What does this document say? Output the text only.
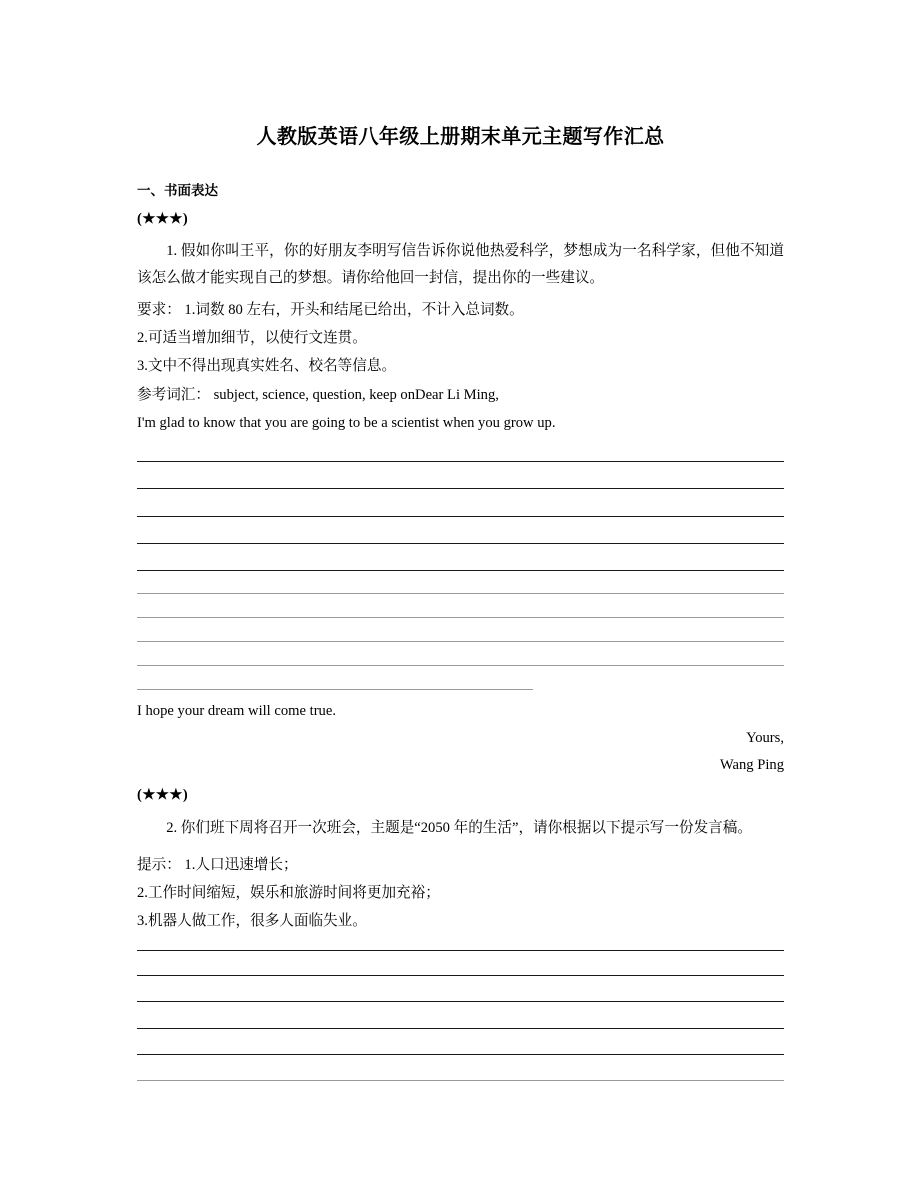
人教版英语八年级上册期末单元主题写作汇总
一、书面表达
(★★★)
1. 假如你叫王平，你的好朋友李明写信告诉你说他热爱科学，梦想成为一名科学家，但他不知道该怎么做才能实现自己的梦想。请你给他回一封信，提出你的一些建议。
要求： 1.词数 80 左右，开头和结尾已给出，不计入总词数。
2.可适当增加细节，以使行文连贯。
3.文中不得出现真实姓名、校名等信息。
参考词汇： subject, science, question, keep onDear Li Ming,
I'm glad to know that you are going to be a scientist when you grow up.
I hope your dream will come true.
Yours,
Wang Ping
(★★★)
2. 你们班下周将召开一次班会，主题是“2050 年的生活”，请你根据以下提示写一份发言稿。
提示： 1.人口迅速增长；
2.工作时间缩短，娱乐和旅游时间将更加充裕；
3.机器人做工作，很多人面临失业。
